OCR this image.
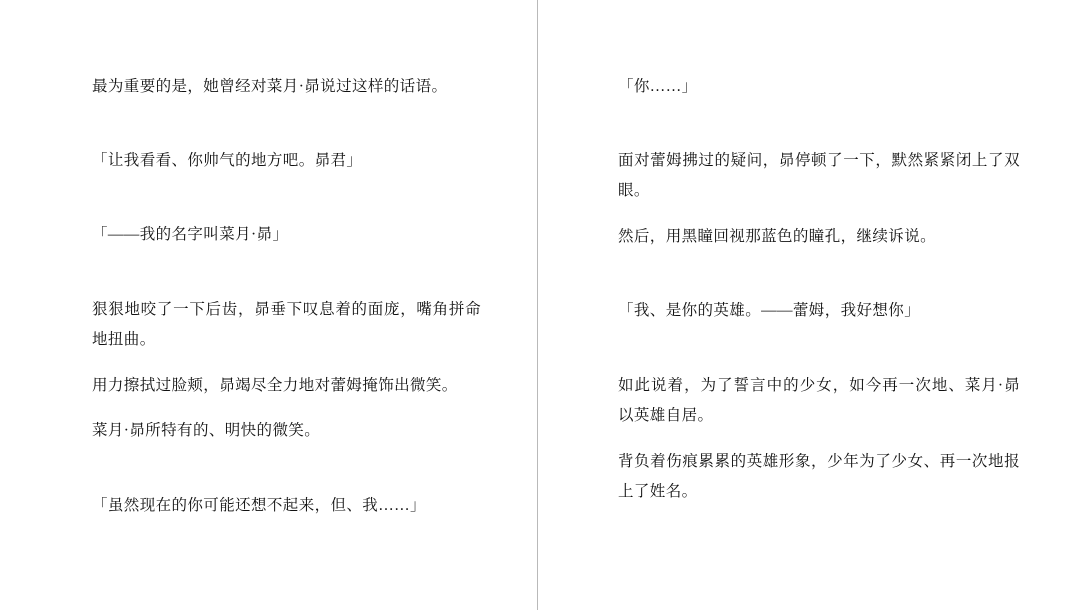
最为重要的是，她曾经对菜月·昴说过这样的话语。

「让我看看、你帅气的地方吧。昴君」

「——我的名字叫菜月·昴」

狠狠地咬了一下后齿，昴垂下叹息着的面庞，嘴角拼命地扭曲。

用力擦拭过脸颊，昴竭尽全力地对蕾姆掩饰出微笑。

菜月·昴所特有的、明快的微笑。

「虽然现在的你可能还想不起来，但、我……」

「你……」

面对蕾姆拂过的疑问，昴停顿了一下，默然紧紧闭上了双眼。

然后，用黑瞳回视那蓝色的瞳孔，继续诉说。

「我、是你的英雄。——蕾姆，我好想你」

如此说着，为了誓言中的少女，如今再一次地、菜月·昴以英雄自居。

背负着伤痕累累的英雄形象，少年为了少女、再一次地报上了姓名。
